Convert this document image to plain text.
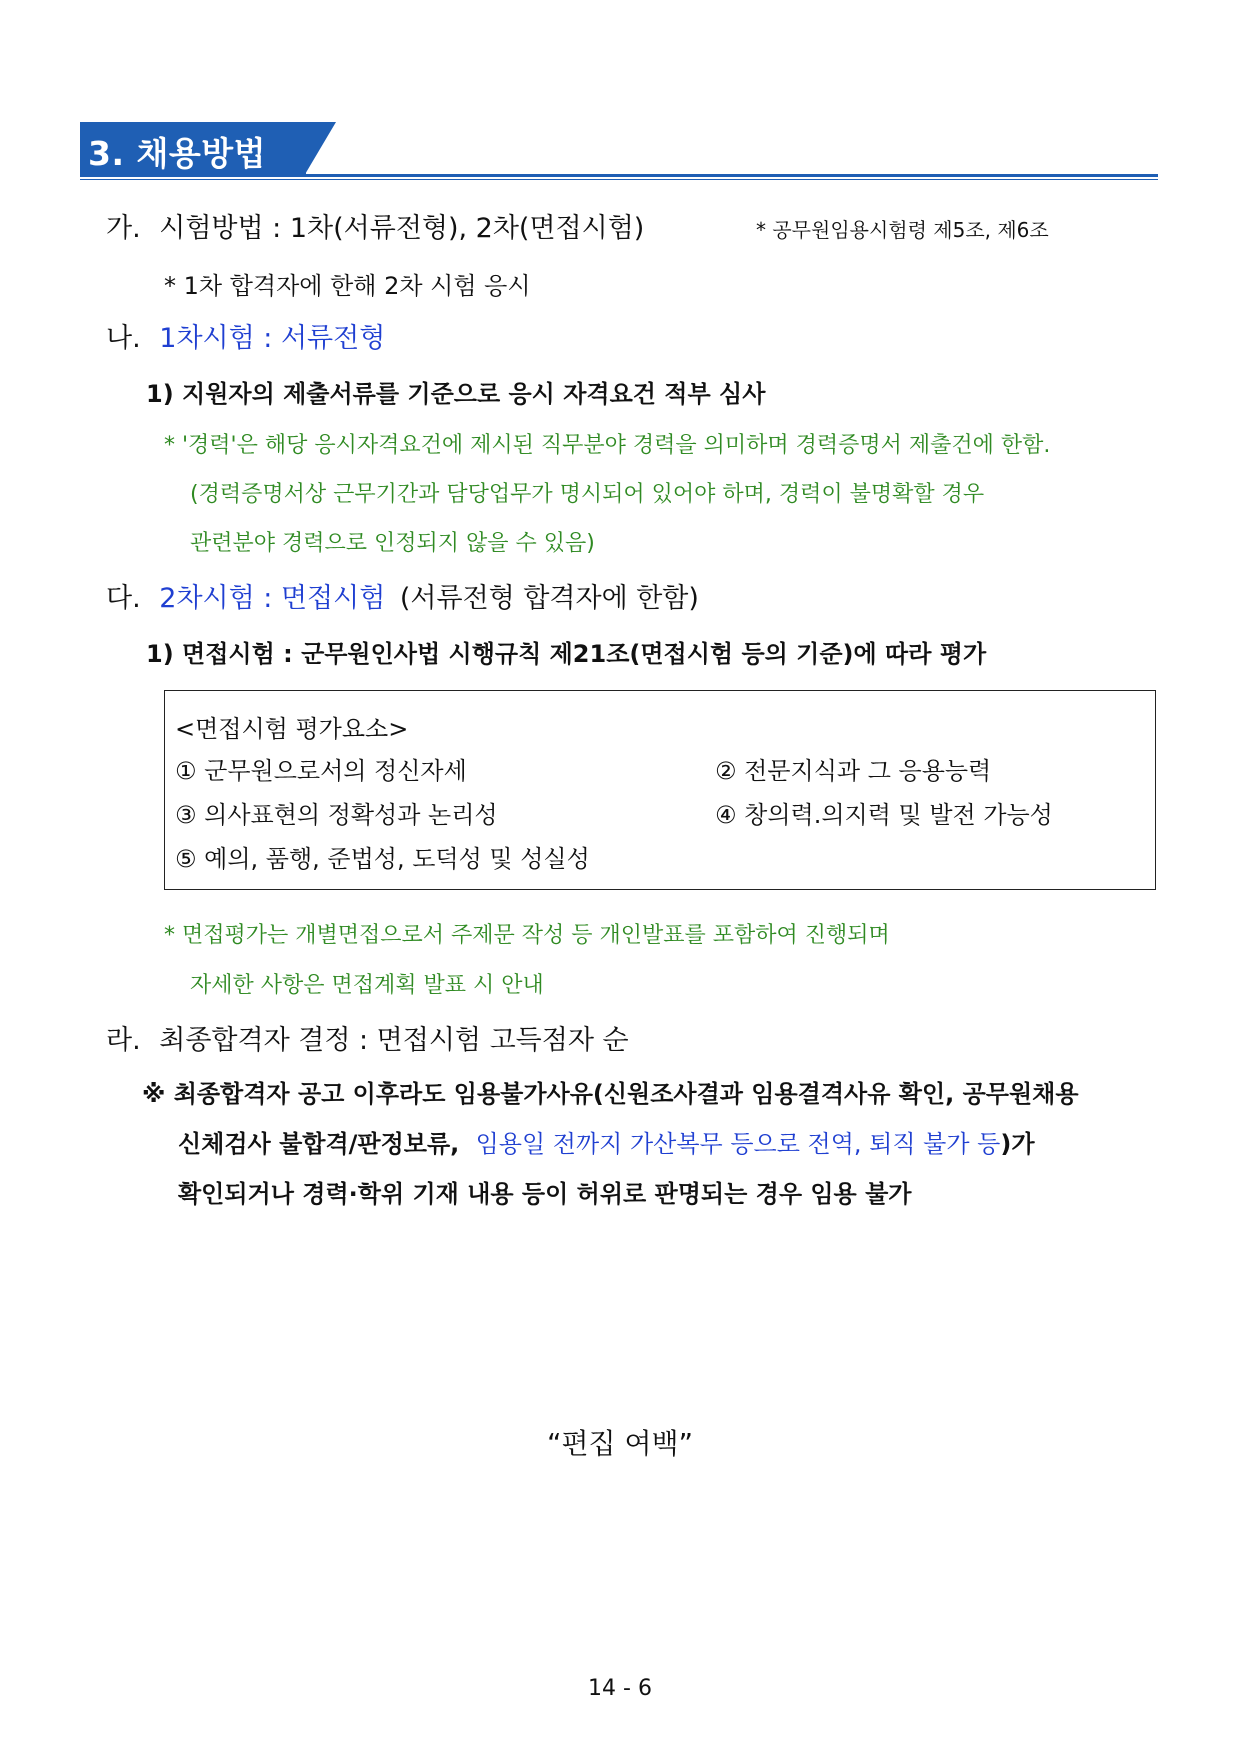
3. 채용방법
가. 시험방법 : 1차(서류전형), 2차(면접시험)	* 공무원임용시험령 제5조, 제6조
* 1차 합격자에 한해 2차 시험 응시
나. 1차시험 : 서류전형
1) 지원자의 제출서류를 기준으로 응시 자격요건 적부 심사
* '경력'은 해당 응시자격요건에 제시된 직무분야 경력을 의미하며 경력증명서 제출건에 한함.
(경력증명서상 근무기간과 담당업무가 명시되어 있어야 하며, 경력이 불명확할 경우
관련분야 경력으로 인정되지 않을 수 있음)
다. 2차시험 : 면접시험 (서류전형 합격자에 한함)
1) 면접시험 : 군무원인사법 시행규칙 제21조(면접시험 등의 기준)에 따라 평가
<면접시험 평가요소>
① 군무원으로서의 정신자세	② 전문지식과 그 응용능력
③ 의사표현의 정확성과 논리성	④ 창의력.의지력 및 발전 가능성
⑤ 예의, 품행, 준법성, 도덕성 및 성실성
* 면접평가는 개별면접으로서 주제문 작성 등 개인발표를 포함하여 진행되며
자세한 사항은 면접계획 발표 시 안내
라. 최종합격자 결정 : 면접시험 고득점자 순
※ 최종합격자 공고 이후라도 임용불가사유(신원조사결과 임용결격사유 확인, 공무원채용
신체검사 불합격/판정보류, 임용일 전까지 가산복무 등으로 전역, 퇴직 불가 등)가
확인되거나 경력·학위 기재 내용 등이 허위로 판명되는 경우 임용 불가
“편집 여백”
14 - 6
